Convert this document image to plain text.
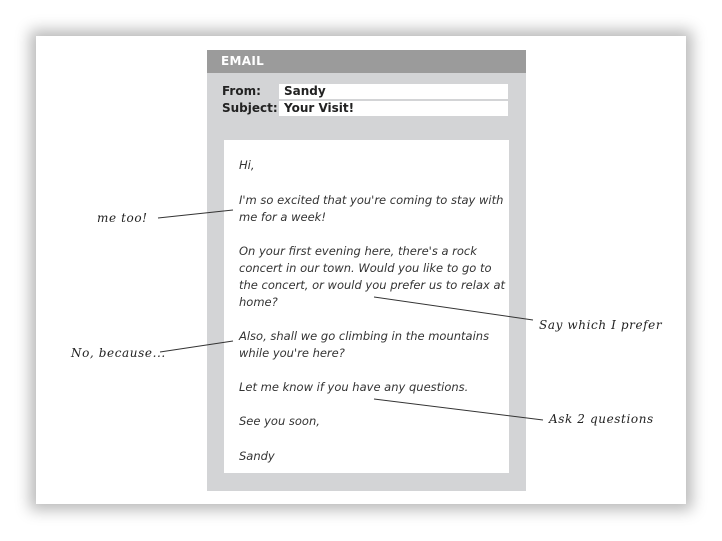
EMAIL
From:	Sandy
Subject: Your Visit!
Hi,
I'm so excited that you're coming to stay with
me for a week!
On your first evening here, there's a rock
concert in our town. Would you like to go to
the concert, or would you prefer us to relax at
home?
Also, shall we go climbing in the mountains
while you're here?
Let me know if you have any questions.
See you soon,
Sandy
me too!
No, because...
Say which I prefer
Ask 2 questions
